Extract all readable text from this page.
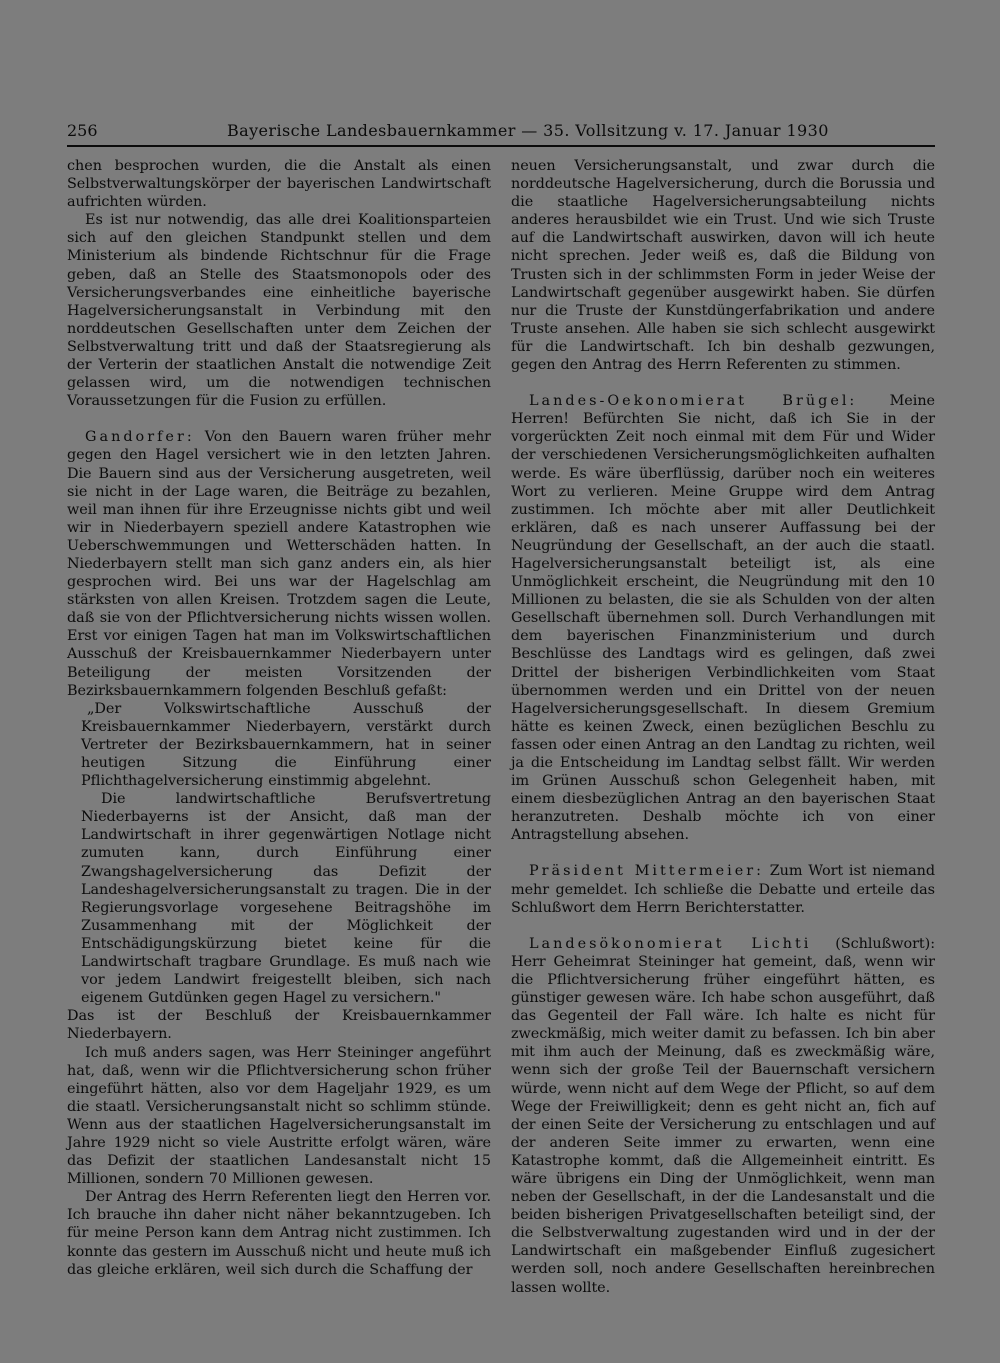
256	Bayerische Landesbauernkammer — 35. Vollsitzung v. 17. Januar 1930

chen besprochen wurden, die die Anstalt als einen Selbstverwaltungskörper der bayerischen Landwirtschaft aufrichten würden.

Es ist nur notwendig, das alle drei Koalitionsparteien sich auf den gleichen Standpunkt stellen und dem Ministerium als bindende Richtschnur für die Frage geben, daß an Stelle des Staatsmonopols oder des Versicherungsverbandes eine einheitliche bayerische Hagelversicherungsanstalt in Verbindung mit den norddeutschen Gesellschaften unter dem Zeichen der Selbstverwaltung tritt und daß der Staatsregierung als der Verterin der staatlichen Anstalt die notwendige Zeit gelassen wird, um die notwendigen technischen Voraussetzungen für die Fusion zu erfüllen.

Gandorfer: Von den Bauern waren früher mehr gegen den Hagel versichert wie in den letzten Jahren. Die Bauern sind aus der Versicherung ausgetreten, weil sie nicht in der Lage waren, die Beiträge zu bezahlen, weil man ihnen für ihre Erzeugnisse nichts gibt und weil wir in Niederbayern speziell andere Katastrophen wie Ueberschwemmungen und Wetterschäden hatten. In Niederbayern stellt man sich ganz anders ein, als hier gesprochen wird. Bei uns war der Hagelschlag am stärksten von allen Kreisen. Trotzdem sagen die Leute, daß sie von der Pflichtversicherung nichts wissen wollen. Erst vor einigen Tagen hat man im Volkswirtschaftlichen Ausschuß der Kreisbauernkammer Niederbayern unter Beteiligung der meisten Vorsitzenden der Bezirksbauernkammern folgenden Beschluß gefaßt:

„Der Volkswirtschaftliche Ausschuß der Kreisbauernkammer Niederbayern, verstärkt durch Vertreter der Bezirksbauernkammern, hat in seiner heutigen Sitzung die Einführung einer Pflichthagelversicherung einstimmig abgelehnt.

Die landwirtschaftliche Berufsvertretung Niederbayerns ist der Ansicht, daß man der Landwirtschaft in ihrer gegenwärtigen Notlage nicht zumuten kann, durch Einführung einer Zwangshagelversicherung das Defizit der Landeshagelversicherungsanstalt zu tragen. Die in der Regierungsvorlage vorgesehene Beitragshöhe im Zusammenhang mit der Möglichkeit der Entschädigungskürzung bietet keine für die Landwirtschaft tragbare Grundlage. Es muß nach wie vor jedem Landwirt freigestellt bleiben, sich nach eigenem Gutdünken gegen Hagel zu versichern."

Das ist der Beschluß der Kreisbauernkammer Niederbayern.

Ich muß anders sagen, was Herr Steininger angeführt hat, daß, wenn wir die Pflichtversicherung schon früher eingeführt hätten, also vor dem Hageljahr 1929, es um die staatl. Versicherungsanstalt nicht so schlimm stünde. Wenn aus der staatlichen Hagelversicherungsanstalt im Jahre 1929 nicht so viele Austritte erfolgt wären, wäre das Defizit der staatlichen Landesanstalt nicht 15 Millionen, sondern 70 Millionen gewesen.

Der Antrag des Herrn Referenten liegt den Herren vor. Ich brauche ihn daher nicht näher bekanntzugeben. Ich für meine Person kann dem Antrag nicht zustimmen. Ich konnte das gestern im Ausschuß nicht und heute muß ich das gleiche erklären, weil sich durch die Schaffung der

neuen Versicherungsanstalt, und zwar durch die norddeutsche Hagelversicherung, durch die Borussia und die staatliche Hagelversicherungsabteilung nichts anderes herausbildet wie ein Trust. Und wie sich Truste auf die Landwirtschaft auswirken, davon will ich heute nicht sprechen. Jeder weiß es, daß die Bildung von Trusten sich in der schlimmsten Form in jeder Weise der Landwirtschaft gegenüber ausgewirkt haben. Sie dürfen nur die Truste der Kunstdüngerfabrikation und andere Truste ansehen. Alle haben sie sich schlecht ausgewirkt für die Landwirtschaft. Ich bin deshalb gezwungen, gegen den Antrag des Herrn Referenten zu stimmen.

Landes-Oekonomierat Brügel: Meine Herren! Befürchten Sie nicht, daß ich Sie in der vorgerückten Zeit noch einmal mit dem Für und Wider der verschiedenen Versicherungsmöglichkeiten aufhalten werde. Es wäre überflüssig, darüber noch ein weiteres Wort zu verlieren. Meine Gruppe wird dem Antrag zustimmen. Ich möchte aber mit aller Deutlichkeit erklären, daß es nach unserer Auffassung bei der Neugründung der Gesellschaft, an der auch die staatl. Hagelversicherungsanstalt beteiligt ist, als eine Unmöglichkeit erscheint, die Neugründung mit den 10 Millionen zu belasten, die sie als Schulden von der alten Gesellschaft übernehmen soll. Durch Verhandlungen mit dem bayerischen Finanzministerium und durch Beschlüsse des Landtags wird es gelingen, daß zwei Drittel der bisherigen Verbindlichkeiten vom Staat übernommen werden und ein Drittel von der neuen Hagelversicherungsgesellschaft. In diesem Gremium hätte es keinen Zweck, einen bezüglichen Beschlu zu fassen oder einen Antrag an den Landtag zu richten, weil ja die Entscheidung im Landtag selbst fällt. Wir werden im Grünen Ausschuß schon Gelegenheit haben, mit einem diesbezüglichen Antrag an den bayerischen Staat heranzutreten. Deshalb möchte ich von einer Antragstellung absehen.

Präsident Mittermeier: Zum Wort ist niemand mehr gemeldet. Ich schließe die Debatte und erteile das Schlußwort dem Herrn Berichterstatter.

Landesökonomierat Lichti (Schlußwort): Herr Geheimrat Steininger hat gemeint, daß, wenn wir die Pflichtversicherung früher eingeführt hätten, es günstiger gewesen wäre. Ich habe schon ausgeführt, daß das Gegenteil der Fall wäre. Ich halte es nicht für zweckmäßig, mich weiter damit zu befassen. Ich bin aber mit ihm auch der Meinung, daß es zweckmäßig wäre, wenn sich der große Teil der Bauernschaft versichern würde, wenn nicht auf dem Wege der Pflicht, so auf dem Wege der Freiwilligkeit; denn es geht nicht an, fich auf der einen Seite der Versicherung zu entschlagen und auf der anderen Seite immer zu erwarten, wenn eine Katastrophe kommt, daß die Allgemeinheit eintritt. Es wäre übrigens ein Ding der Unmöglichkeit, wenn man neben der Gesellschaft, in der die Landesanstalt und die beiden bisherigen Privatgesellschaften beteiligt sind, der die Selbstverwaltung zugestanden wird und in der der Landwirtschaft ein maßgebender Einfluß zugesichert werden soll, noch andere Gesellschaften hereinbrechen lassen wollte.
